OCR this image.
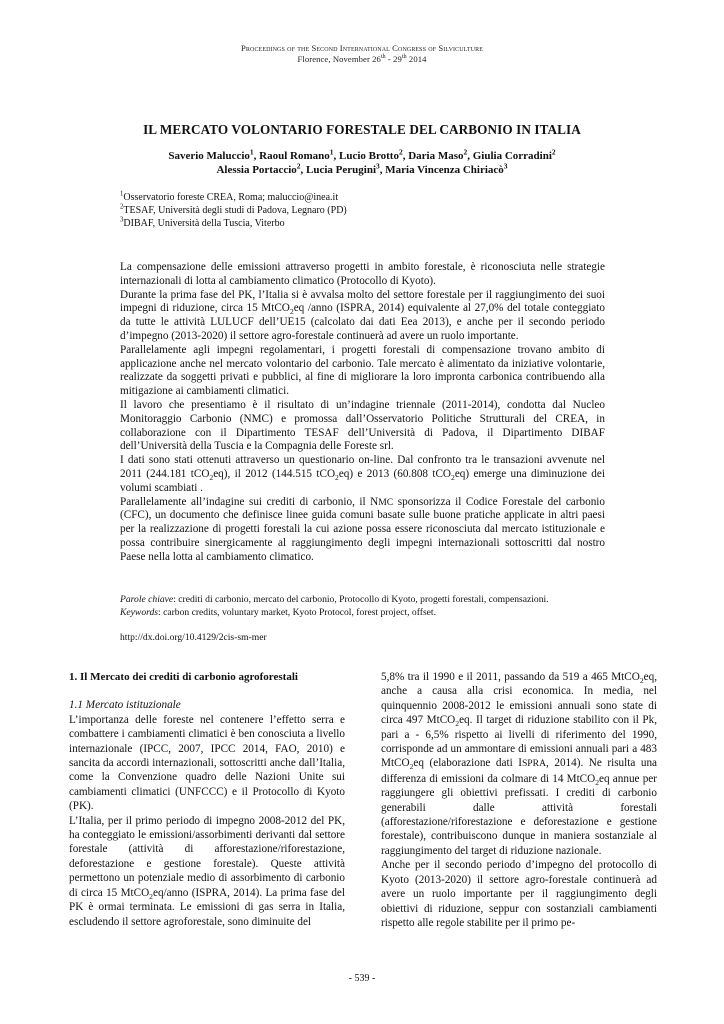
Proceedings of the Second International Congress of Silviculture
Florence, November 26th - 29th 2014
IL MERCATO VOLONTARIO FORESTALE DEL CARBONIO IN ITALIA
Saverio Maluccio$^1$, Raoul Romano$^1$, Lucio Brotto$^2$, Daria Maso$^2$, Giulia Corradini$^2$
Alessia Portaccio$^2$, Lucia Perugini$^3$, Maria Vincenza Chiriacò$^3$
$^1$Osservatorio foreste CREA, Roma; maluccio@inea.it
$^2$TESAF, Università degli studi di Padova, Legnaro (PD)
$^3$DIBAF, Università della Tuscia, Viterbo

La compensazione delle emissioni attraverso progetti in ambito forestale, è riconosciuta nelle strategie internazionali di lotta al cambiamento climatico (Protocollo di Kyoto).

Durante la prima fase del PK, l’Italia si è avvalsa molto del settore forestale per il raggiungimento dei suoi impegni di riduzione, circa 15 MtCO$_2$eq /anno (ISPRA, 2014) equivalente al 27,0% del totale conteggiato da tutte le attività LULUCF dell’UE15 (calcolato dai dati Eea 2013), e anche per il secondo periodo d’impegno (2013-2020) il settore agro-forestale continuerà ad avere un ruolo importante.

Parallelamente agli impegni regolamentari, i progetti forestali di compensazione trovano ambito di applicazione anche nel mercato volontario del carbonio. Tale mercato è alimentato da iniziative volontarie, realizzate da soggetti privati e pubblici, al fine di migliorare la loro impronta carbonica contribuendo alla mitigazione ai cambiamenti climatici.

Il lavoro che presentiamo è il risultato di un’indagine triennale (2011-2014), condotta dal Nucleo Monitoraggio Carbonio (NMC) e promossa dall’Osservatorio Politiche Strutturali del CREA, in collaborazione con il Dipartimento TESAF dell’Università di Padova, il Dipartimento DIBAF dell’Università della Tuscia e la Compagnia delle Foreste srl.

I dati sono stati ottenuti attraverso un questionario on-line. Dal confronto tra le transazioni avvenute nel 2011 (244.181 tCO$_2$eq), il 2012 (144.515 tCO$_2$eq) e 2013 (60.808 tCO$_2$eq) emerge una diminuzione dei volumi scambiati .

Parallelamente all’indagine sui crediti di carbonio, il NMC sponsorizza il Codice Forestale del carbonio (CFC), un documento che definisce linee guida comuni basate sulle buone pratiche applicate in altri paesi per la realizzazione di progetti forestali la cui azione possa essere riconosciuta dal mercato istituzionale e possa contribuire sinergicamente al raggiungimento degli impegni internazionali sottoscritti dal nostro Paese nella lotta al cambiamento climatico.

Parole chiave: crediti di carbonio, mercato del carbonio, Protocollo di Kyoto, progetti forestali, compensazioni.

Keywords: carbon credits, voluntary market, Kyoto Protocol, forest project, offset.

http://dx.doi.org/10.4129/2cis-sm-mer

1. Il Mercato dei crediti di carbonio agroforestali

1.1 Mercato istituzionale

L’importanza delle foreste nel contenere l’effetto serra e combattere i cambiamenti climatici è ben conosciuta a livello internazionale (IPCC, 2007, IPCC 2014, FAO, 2010) e sancita da accordi internazionali, sottoscritti anche dall’Italia, come la Convenzione quadro delle Nazioni Unite sui cambiamenti climatici (UNFCCC) e il Protocollo di Kyoto (PK).

L’Italia, per il primo periodo di impegno 2008-2012 del PK, ha conteggiato le emissioni/assorbimenti derivanti dal settore forestale (attività di afforestazione/riforestazione, deforestazione e gestione forestale). Queste attività permettono un potenziale medio di assorbimento di carbonio di circa 15 MtCO$_2$eq/anno (ISPRA, 2014). La prima fase del PK è ormai terminata. Le emissioni di gas serra in Italia, escludendo il settore agroforestale, sono diminuite del

5,8% tra il 1990 e il 2011, passando da 519 a 465 MtCO$_2$eq, anche a causa alla crisi economica. In media, nel quinquennio 2008-2012 le emissioni annuali sono state di circa 497 MtCO$_2$eq. Il target di riduzione stabilito con il Pk, pari a - 6,5% rispetto ai livelli di riferimento del 1990, corrisponde ad un ammontare di emissioni annuali pari a 483 MtCO$_2$eq (elaborazione dati ISPRA, 2014). Ne risulta una differenza di emissioni da colmare di 14 MtCO$_2$eq annue per raggiungere gli obiettivi prefissati. I crediti di carbonio generabili dalle attività forestali (afforestazione/riforestazione e deforestazione e gestione forestale), contribuiscono dunque in maniera sostanziale al raggiungimento del target di riduzione nazionale.

Anche per il secondo periodo d’impegno del protocollo di Kyoto (2013-2020) il settore agro-forestale continuerà ad avere un ruolo importante per il raggiungimento degli obiettivi di riduzione, seppur con sostanziali cambiamenti rispetto alle regole stabilite per il primo pe-

- 539 -
